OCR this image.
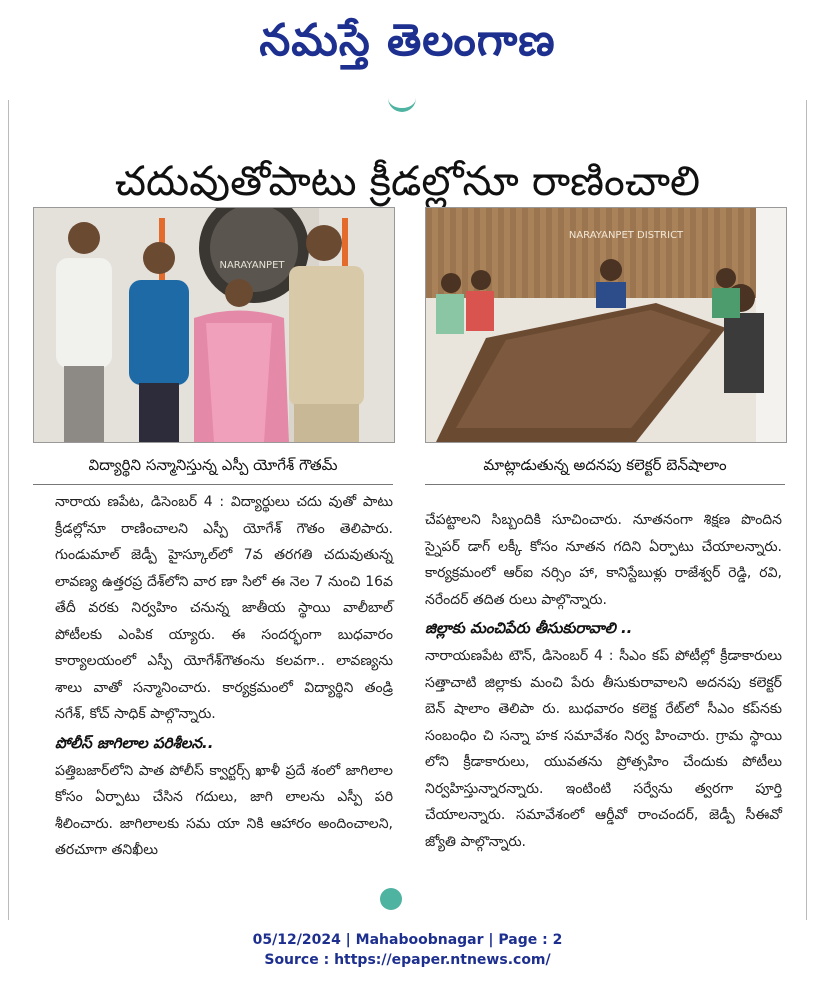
నమస్తే తెలంగాణ
చదువుతోపాటు క్రీడల్లోనూ రాణించాలి
NARAYANPET
NARAYANPET DISTRICT
విద్యార్థిని సన్మానిస్తున్న ఎస్పీ యోగేశ్ గౌతమ్	మాట్లాడుతున్న అదనపు కలెక్టర్ బెన్‌షాలాం

నారాయ ణపేట, డిసెంబర్ 4 : విద్యార్థులు చదు వుతో పాటు క్రీడల్లోనూ రాణించాలని ఎస్పీ యోగేశ్ గౌతం తెలిపారు. గుండుమాల్ జెడ్పీ హైస్కూల్‌లో 7వ తరగతి చదువుతున్న లావణ్య ఉత్తరప్ర దేశ్‌లోని వార ణా సిలో ఈ నెల 7 నుంచి 16వ తేదీ వరకు నిర్వహిం చనున్న జాతీయ స్థాయి వాలీబాల్ పోటీలకు ఎంపిక య్యారు. ఈ సందర్భంగా బుధవారం కార్యాలయంలో ఎస్పీ యోగేశ్‌గౌతంను కలవగా.. లావణ్యను శాలు వాతో సన్మానించారు. కార్యక్రమంలో విద్యార్థిని తండ్రి నగేశ్, కోచ్ సాధిక్ పాల్గొన్నారు.

పోలీస్ జాగిలాల పరిశీలన..

పత్తిబజార్‌లోని పాత పోలీస్ క్వార్టర్స్ ఖాళీ ప్రదే శంలో జాగిలాల కోసం ఏర్పాటు చేసిన గదులు, జాగి లాలను ఎస్పీ పరి శీలించారు. జాగిలాలకు సమ యా నికి ఆహారం అందించాలని, తరచూగా తనిఖీలు

చేపట్టాలని సిబ్బందికి సూచించారు. నూతనంగా శిక్షణ పొందిన స్నైపర్ డాగ్ లక్కీ కోసం నూతన గదిని ఏర్పాటు చేయాలన్నారు. కార్యక్రమంలో ఆర్ఐ నర్సిం హా, కానిస్టేబుళ్లు రాజేశ్వర్ రెడ్డి, రవి, నరేందర్ తదిత రులు పాల్గొన్నారు.

జిల్లాకు మంచిపేరు తీసుకురావాలి ..

నారాయణపేట టౌన్, డిసెంబర్ 4 : సీఎం కప్ పోటీల్లో క్రీడాకారులు సత్తాచాటి జిల్లాకు మంచి పేరు తీసుకురావాలని అదనపు కలెక్టర్ బెన్ షాలాం తెలిపా రు. బుధవారం కలెక్ట రేట్‌లో సీఎం కప్‌నకు సంబంధిం చి సన్నా హక సమావేశం నిర్వ హించారు. గ్రామ స్థాయి లోని క్రీడాకారులు, యువతను ప్రోత్సహిం చేందుకు పోటీలు నిర్వహిస్తున్నారన్నారు. ఇంటింటి సర్వేను త్వరగా పూర్తి చేయాలన్నారు. సమావేశంలో ఆర్డీవో రాంచందర్, జెడ్పీ సీఈవో జ్యోతి పాల్గొన్నారు.

05/12/2024 | Mahaboobnagar | Page : 2

Source : https://epaper.ntnews.com/
